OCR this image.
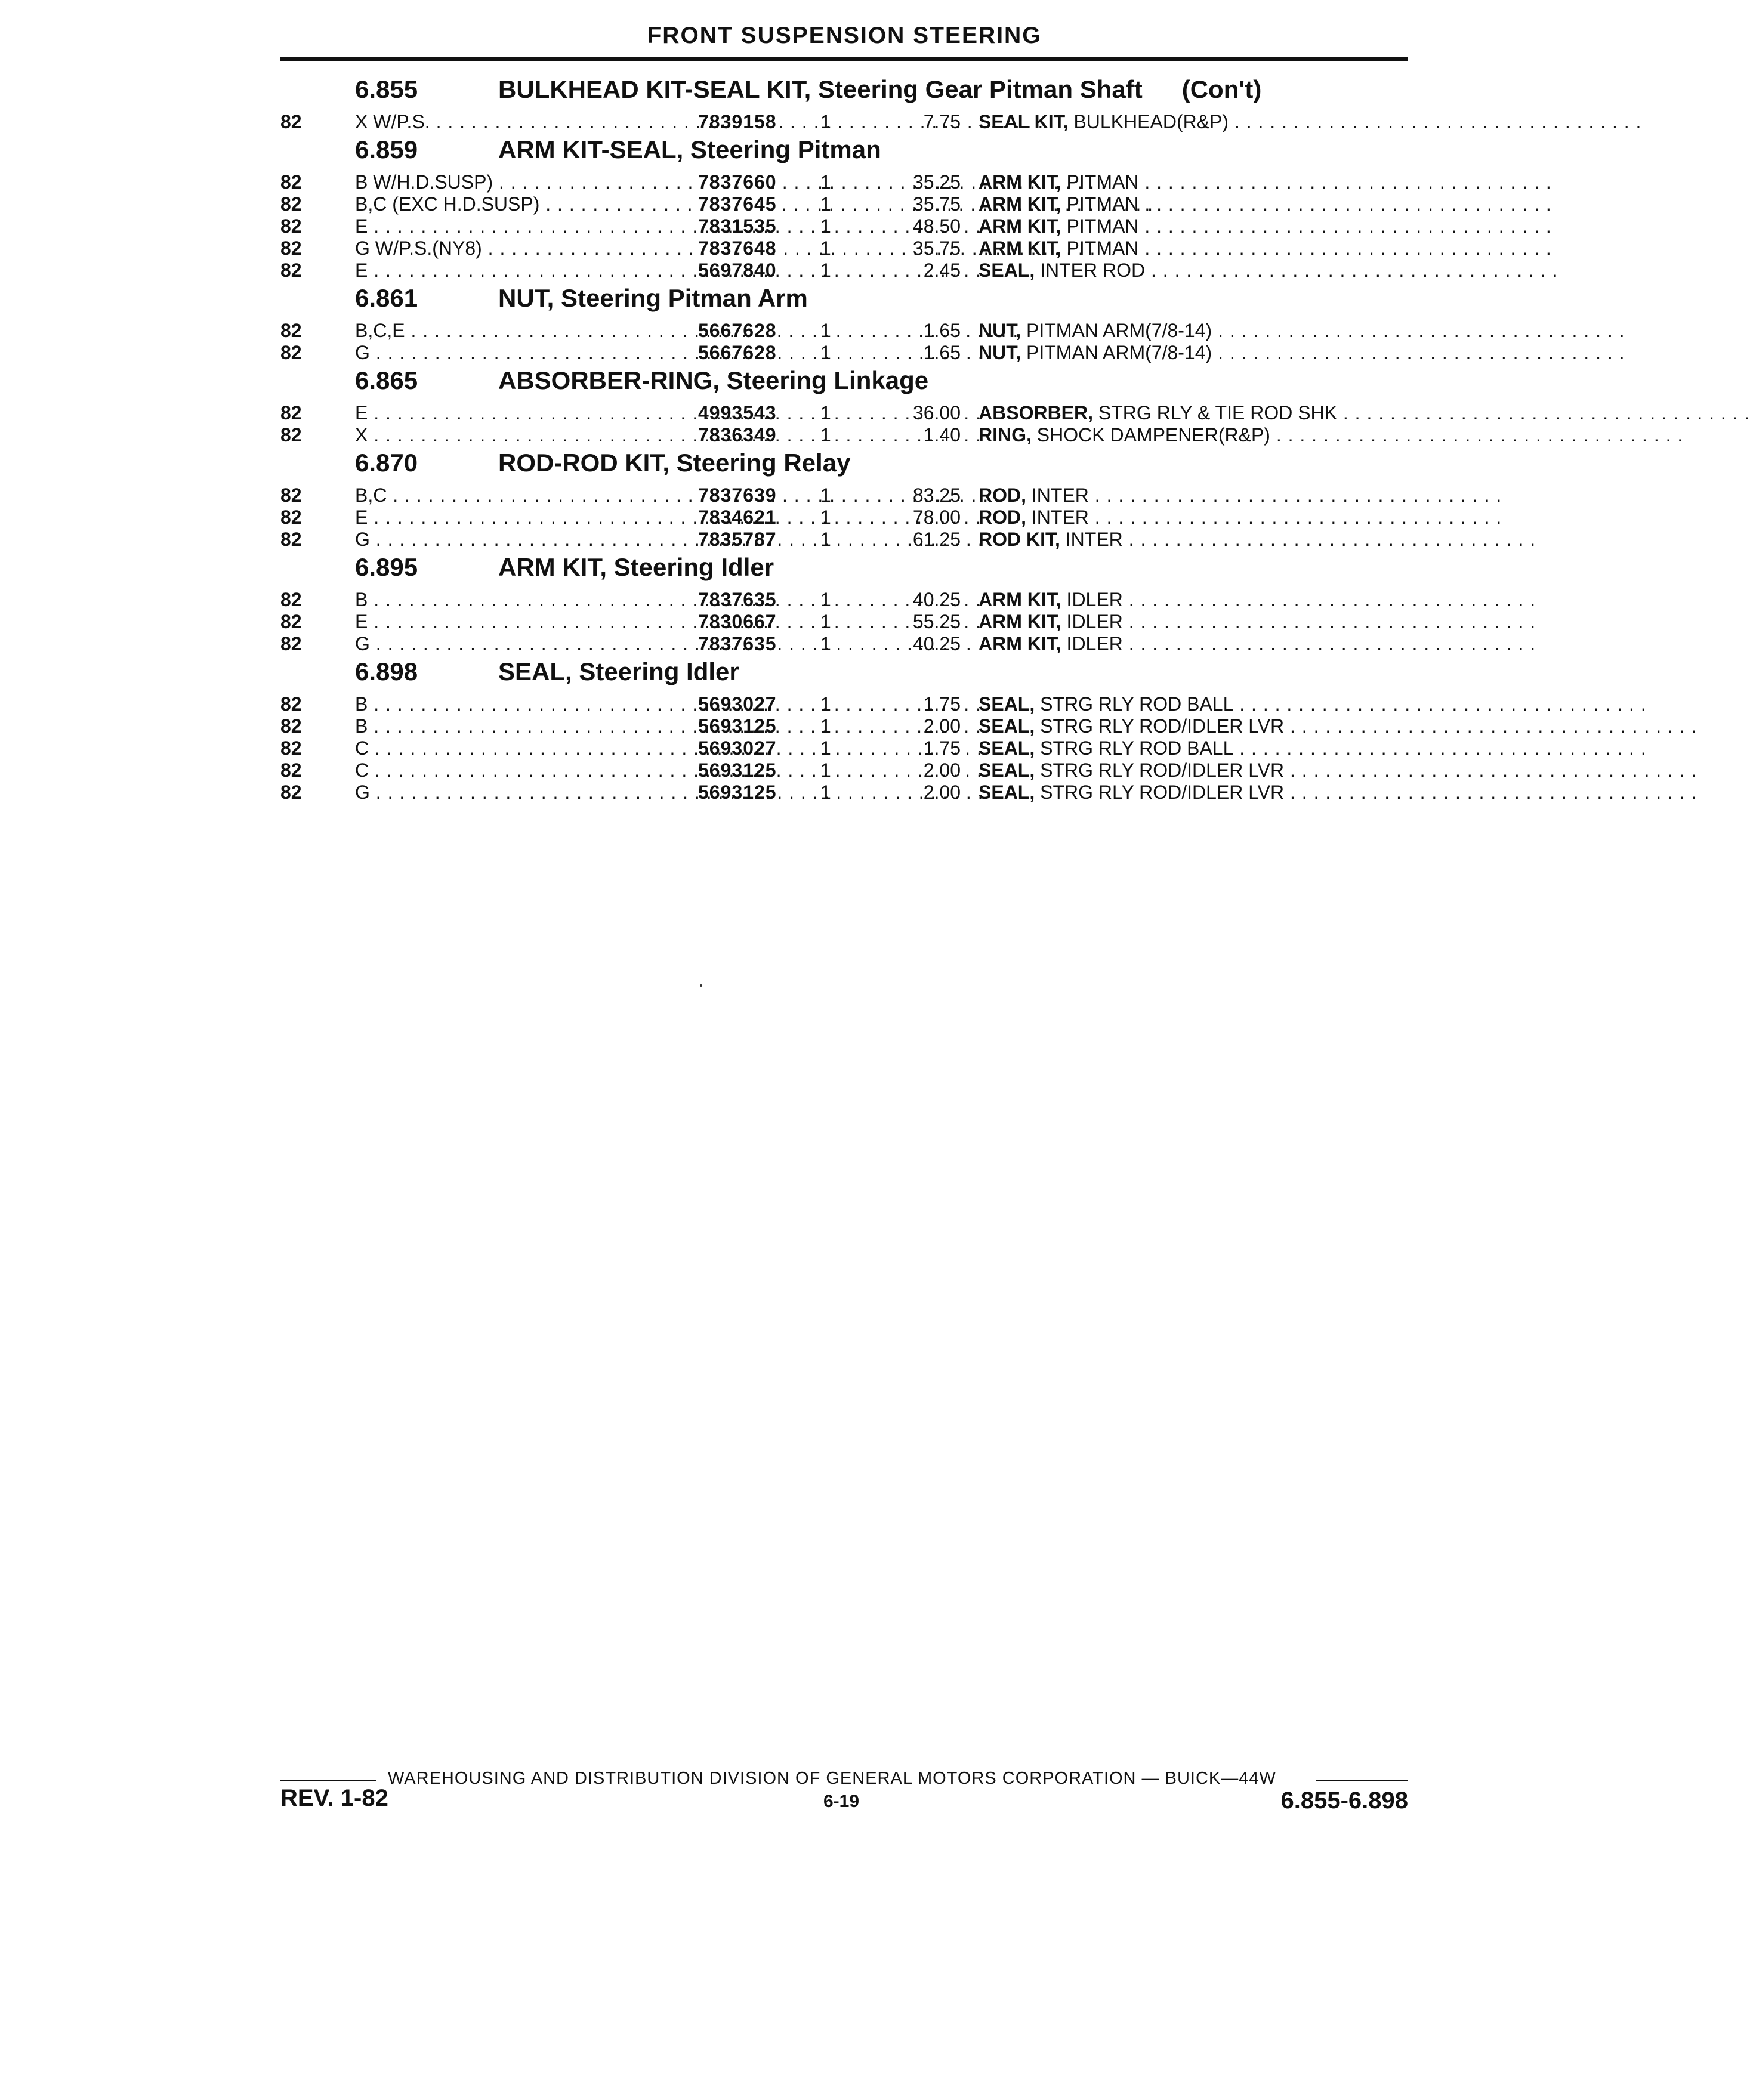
FRONT SUSPENSION STEERING
6.855	BULKHEAD KIT-SEAL KIT, Steering Gear Pitman Shaft (Con't)
82	X W/P.S. . . .	7839158 1	7.75 SEAL KIT, BULKHEAD(R&P) . . . . . . . . . . . . . . . . . . . . . . . . . . . . . . . . . . .
6.859	ARM KIT-SEAL, Steering Pitman
82	B W/H.D.SUSP) . . .	7837660 1	35.25 ARM KIT, PITMAN . . . . . . . . . . . . . . . . . . . . . . . . . . . . . . . . . . .
82	B,C (EXC H.D.SUSP) . . .	7837645 1	35.75 ARM KIT, PITMAN . . . . . . . . . . . . . . . . . . . . . . . . . . . . . . . . . . .
82	E . . .	7831535 1	48.50 ARM KIT, PITMAN . . . . . . . . . . . . . . . . . . . . . . . . . . . . . . . . . . .
82	G W/P.S.(NY8) . . .	7837648 1	35.75 ARM KIT, PITMAN . . . . . . . . . . . . . . . . . . . . . . . . . . . . . . . . . . .
82	E . . .	5697840 1	2.45 SEAL, INTER ROD . . . . . . . . . . . . . . . . . . . . . . . . . . . . . . . . . . .
6.861	NUT, Steering Pitman Arm
82	B,C,E . . .	5667628 1	1.65 NUT, PITMAN ARM(7/8-14) . . . . . . . . . . . . . . . . . . . . . . . . . . . . . . . . . . .
82	G . . .	5667628 1	1.65 NUT, PITMAN ARM(7/8-14) . . . . . . . . . . . . . . . . . . . . . . . . . . . . . . . . . . .
6.865	ABSORBER-RING, Steering Linkage
82	E . . .	4993543 1	36.00 ABSORBER, STRG RLY & TIE ROD SHK . . . . . . . . . . . . . . . . . . . . . . . . . . . . . . . . . . .
82	X . . .	7836349 1	1.40 RING, SHOCK DAMPENER(R&P) . . . . . . . . . . . . . . . . . . . . . . . . . . . . . . . . . . .
6.870	ROD-ROD KIT, Steering Relay
82	B,C . . .	7837639 1	83.25 ROD, INTER . . . . . . . . . . . . . . . . . . . . . . . . . . . . . . . . . . .
82	E . . .	7834621 1	78.00 ROD, INTER . . . . . . . . . . . . . . . . . . . . . . . . . . . . . . . . . . .
82	G . . .	7835787 1	61.25 ROD KIT, INTER . . . . . . . . . . . . . . . . . . . . . . . . . . . . . . . . . . .
6.895	ARM KIT, Steering Idler
82	B . . .	7837635 1	40.25 ARM KIT, IDLER . . . . . . . . . . . . . . . . . . . . . . . . . . . . . . . . . . .
82	E . . .	7830667 1	55.25 ARM KIT, IDLER . . . . . . . . . . . . . . . . . . . . . . . . . . . . . . . . . . .
82	G . . .	7837635 1	40.25 ARM KIT, IDLER . . . . . . . . . . . . . . . . . . . . . . . . . . . . . . . . . . .
6.898	SEAL, Steering Idler
82	B . . .	5693027 1	1.75 SEAL, STRG RLY ROD BALL . . . . . . . . . . . . . . . . . . . . . . . . . . . . . . . . . . .
82	B . . .	5693125 1	2.00 SEAL, STRG RLY ROD/IDLER LVR . . . . . . . . . . . . . . . . . . . . . . . . . . . . . . . . . . .
82	C . . .	5693027 1	1.75 SEAL, STRG RLY ROD BALL . . . . . . . . . . . . . . . . . . . . . . . . . . . . . . . . . . .
82	C . . .	5693125 1	2.00 SEAL, STRG RLY ROD/IDLER LVR . . . . . . . . . . . . . . . . . . . . . . . . . . . . . . . . . . .
82	G . . .	5693125 1	2.00 SEAL, STRG RLY ROD/IDLER LVR . . . . . . . . . . . . . . . . . . . . . . . . . . . . . . . . . . .
WAREHOUSING AND DISTRIBUTION DIVISION OF GENERAL MOTORS CORPORATION — BUICK—44W
REV. 1-82	6-19	6.855-6.898
